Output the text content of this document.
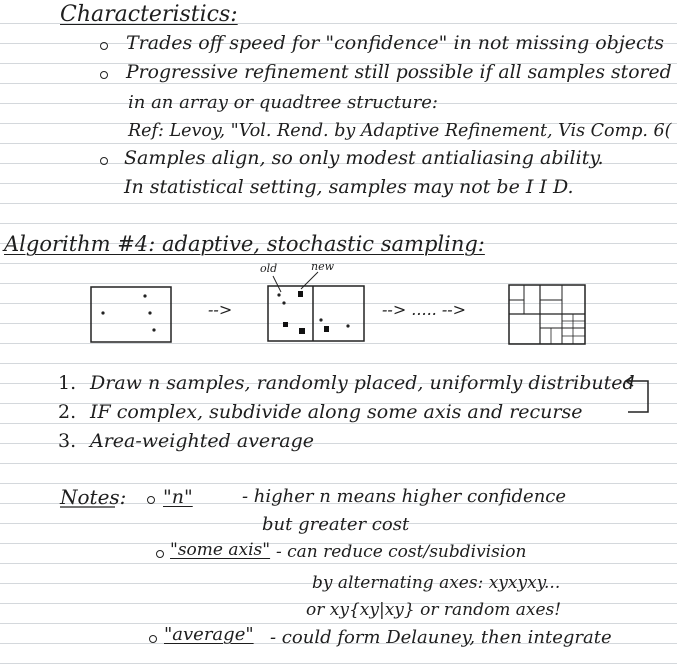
Characteristics:
Trades off speed for "confidence" in not missing objects
Progressive refinement still possible if all samples stored
in an array or quadtree structure:
Ref: Levoy, "Vol. Rend. by Adaptive Refinement, Vis Comp. 6(
Samples align, so only modest antialiasing ability.
In statistical setting, samples may not be I I D.
Algorithm #4: adaptive, stochastic sampling:
old	new
-->	--> ..... -->
1. Draw n samples, randomly placed, uniformly distributed
2. IF complex, subdivide along some axis and recurse
3. Area-weighted average
Notes: "n"	- higher n means higher confidence
but greater cost
"some axis" - can reduce cost/subdivision
by alternating axes: xyxyxy...
or xy{xy|xy} or random axes!
"average" - could form Delauney, then integrate
